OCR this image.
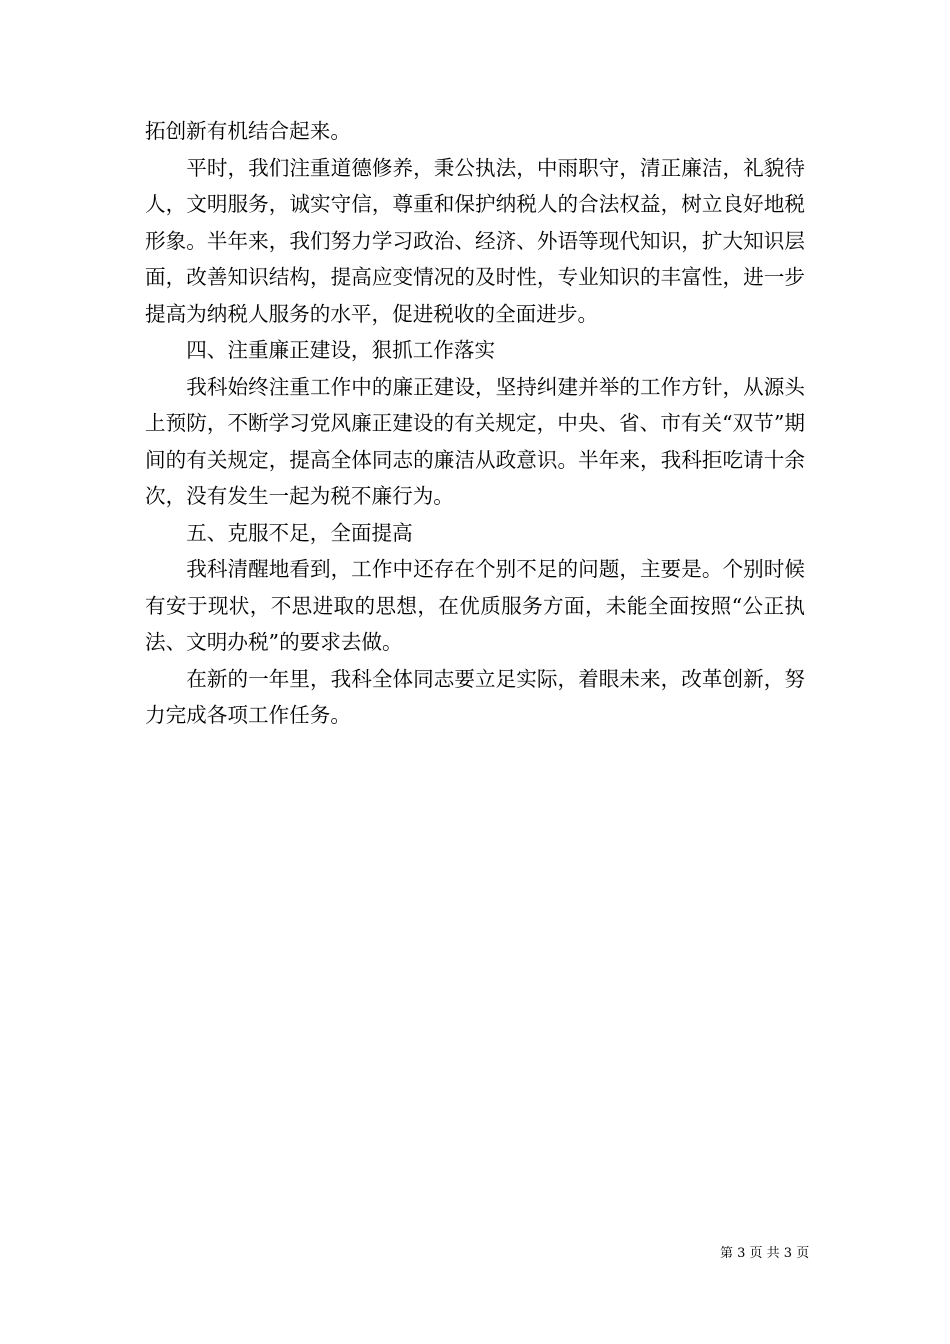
拓创新有机结合起来。

平时，我们注重道德修养，秉公执法，中雨职守，清正廉洁，礼貌待人，文明服务，诚实守信，尊重和保护纳税人的合法权益，树立良好地税形象。半年来，我们努力学习政治、经济、外语等现代知识，扩大知识层面，改善知识结构，提高应变情况的及时性，专业知识的丰富性，进一步提高为纳税人服务的水平，促进税收的全面进步。

四、注重廉正建设，狠抓工作落实

我科始终注重工作中的廉正建设，坚持纠建并举的工作方针，从源头上预防，不断学习党风廉正建设的有关规定，中央、省、市有关“双节”期间的有关规定，提高全体同志的廉洁从政意识。半年来，我科拒吃请十余次，没有发生一起为税不廉行为。

五、克服不足，全面提高

我科清醒地看到，工作中还存在个别不足的问题，主要是。个别时候有安于现状，不思进取的思想，在优质服务方面，未能全面按照“公正执法、文明办税”的要求去做。

在新的一年里，我科全体同志要立足实际，着眼未来，改革创新，努力完成各项工作任务。

第 3 页 共 3 页
